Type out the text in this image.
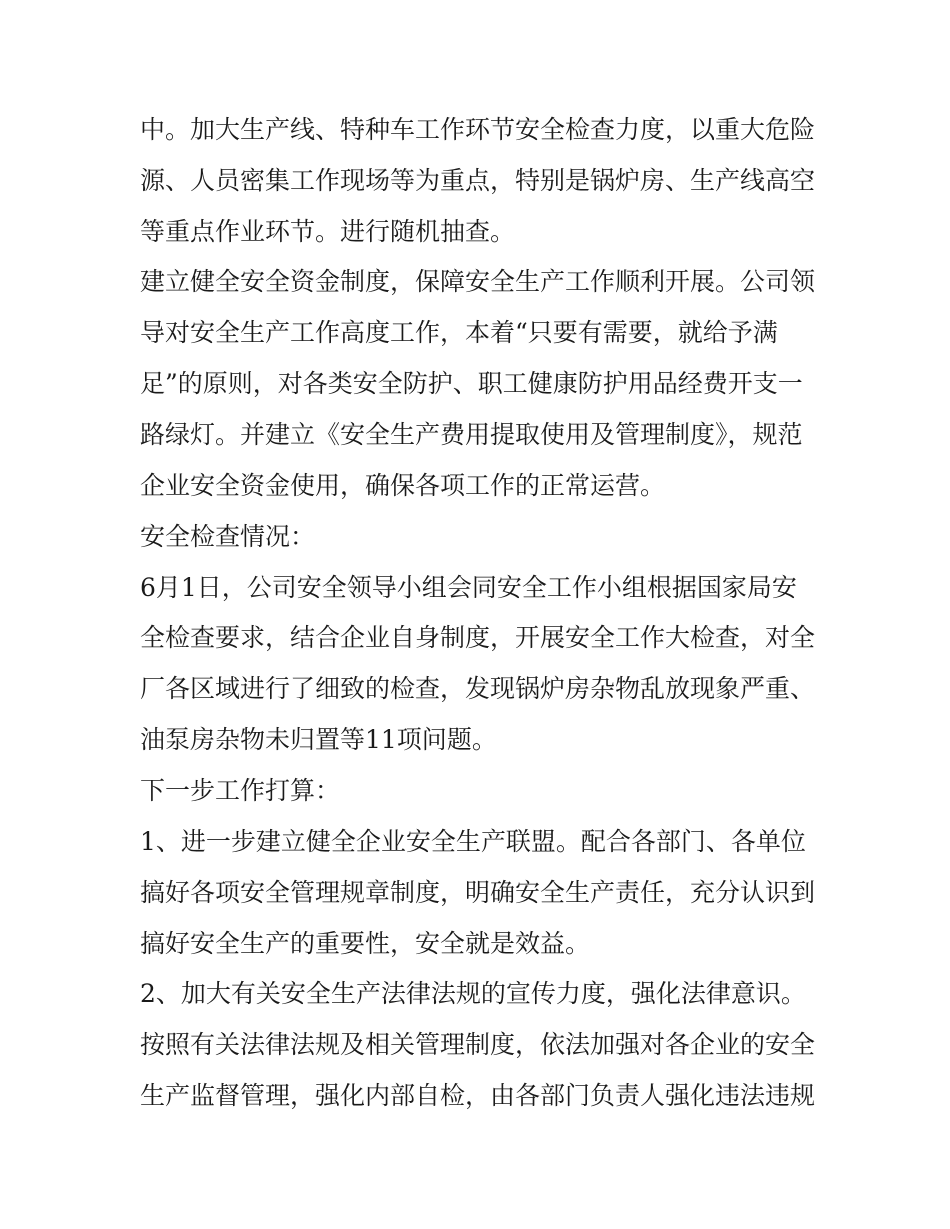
中。加大生产线、特种车工作环节安全检查力度，以重大危险

源、人员密集工作现场等为重点，特别是锅炉房、生产线高空

等重点作业环节。进行随机抽查。

建立健全安全资金制度，保障安全生产工作顺利开展。公司领

导对安全生产工作高度工作，本着“只要有需要，就给予满

足”的原则，对各类安全防护、职工健康防护用品经费开支一

路绿灯。并建立《安全生产费用提取使用及管理制度》，规范

企业安全资金使用，确保各项工作的正常运营。

安全检查情况：

6月1日，公司安全领导小组会同安全工作小组根据国家局安

全检查要求，结合企业自身制度，开展安全工作大检查，对全

厂各区域进行了细致的检查，发现锅炉房杂物乱放现象严重、

油泵房杂物未归置等11项问题。

下一步工作打算：

1、进一步建立健全企业安全生产联盟。配合各部门、各单位

搞好各项安全管理规章制度，明确安全生产责任，充分认识到

搞好安全生产的重要性，安全就是效益。

2、加大有关安全生产法律法规的宣传力度，强化法律意识。

按照有关法律法规及相关管理制度，依法加强对各企业的安全

生产监督管理，强化内部自检，由各部门负责人强化违法违规
